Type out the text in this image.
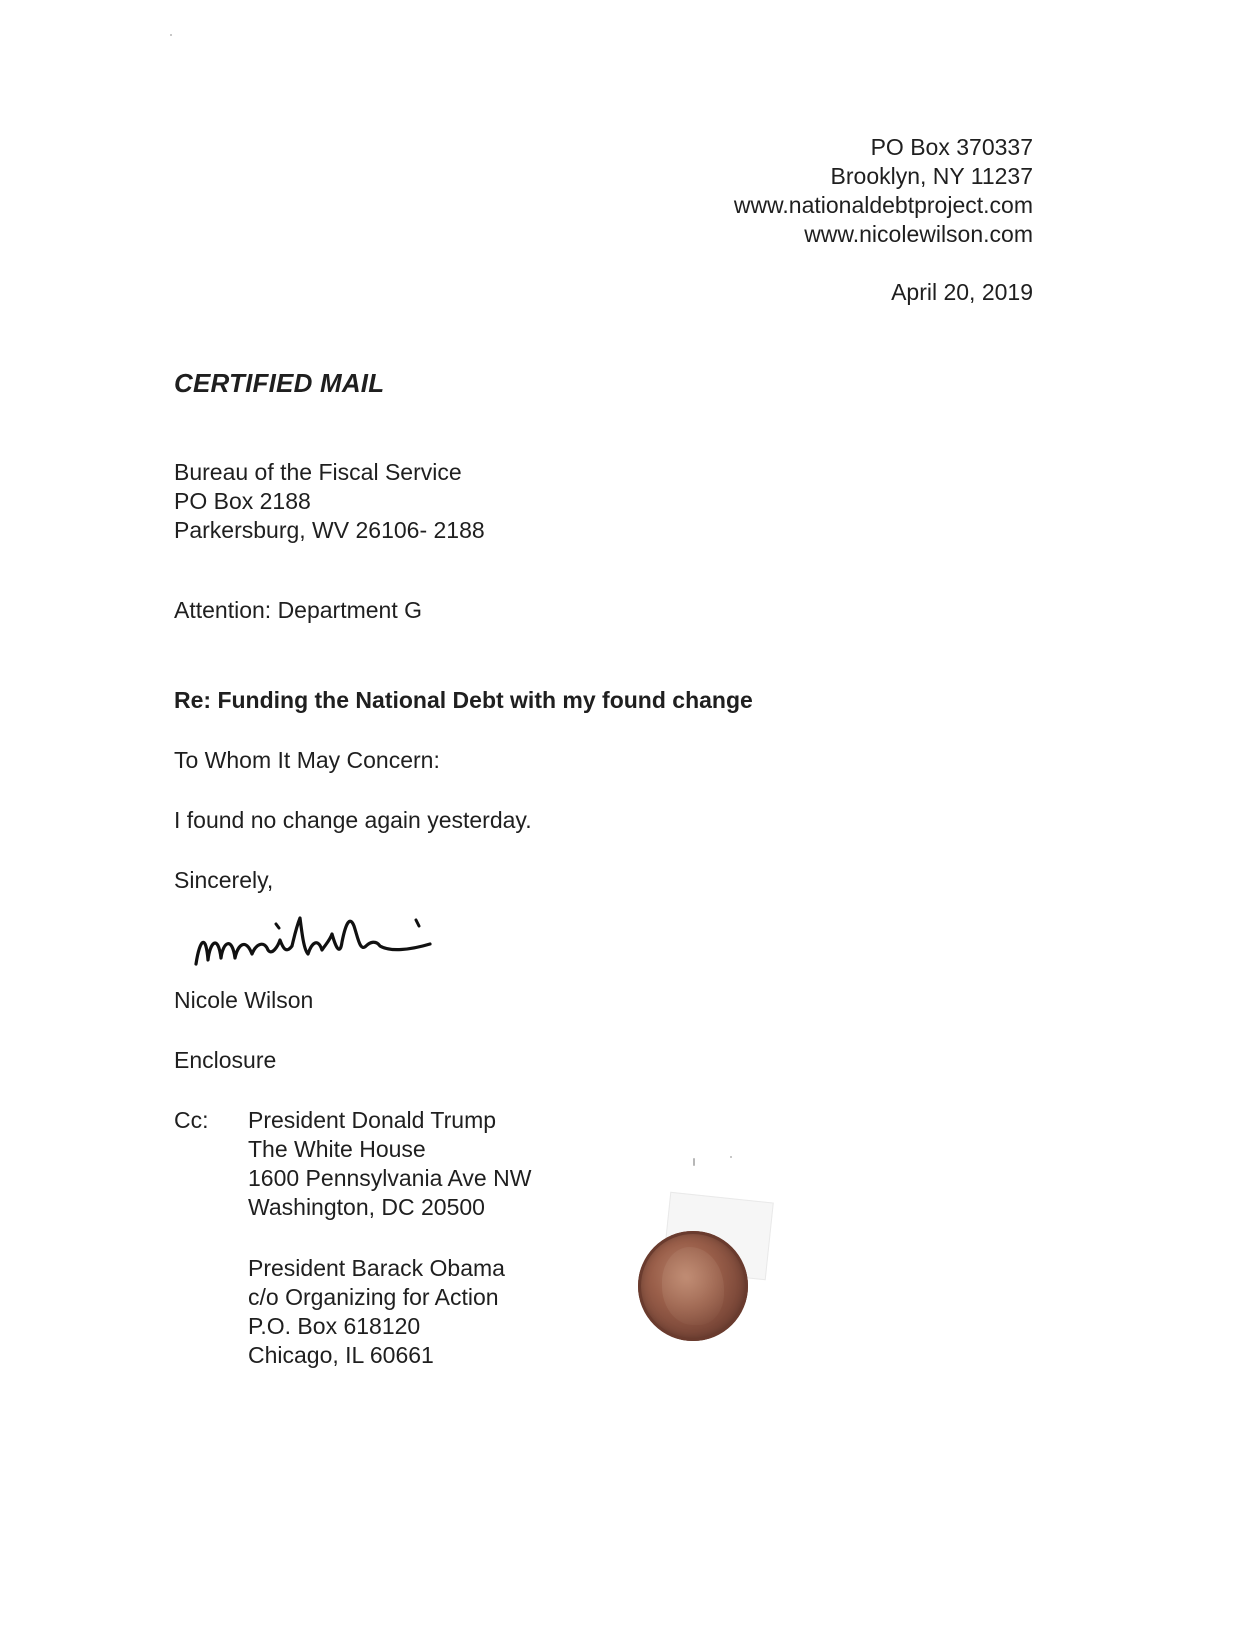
PO Box 370337
Brooklyn, NY 11237
www.nationaldebtproject.com
www.nicolewilson.com
April 20, 2019
CERTIFIED MAIL
Bureau of the Fiscal Service
PO Box 2188
Parkersburg, WV 26106- 2188
Attention: Department G
Re: Funding the National Debt with my found change
To Whom It May Concern:
I found no change again yesterday.
Sincerely,
Nicole Wilson
Enclosure
Cc: President Donald Trump
The White House
1600 Pennsylvania Ave NW
Washington, DC 20500
President Barack Obama
c/o Organizing for Action
P.O. Box 618120
Chicago, IL 60661
